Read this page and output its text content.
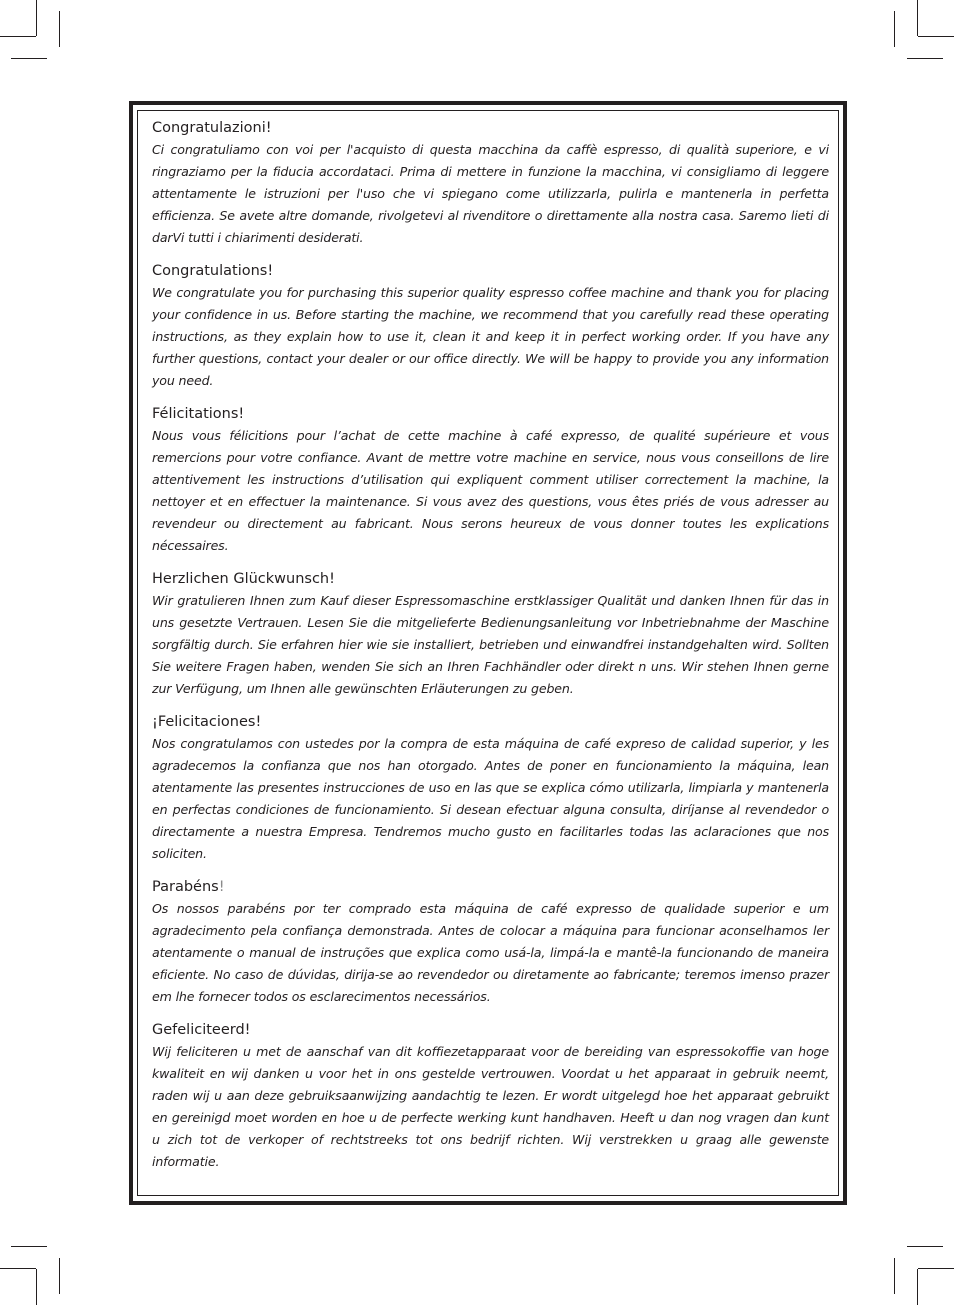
Congratulazioni!

Ci congratuliamo con voi per l'acquisto di questa macchina da caffè espresso, di qualità superiore, e vi ringraziamo per la fiducia accordataci. Prima di mettere in funzione la macchina, vi consigliamo di leggere attentamente le istruzioni per l'uso che vi spiegano come utilizzarla, pulirla e mantenerla in perfetta efficienza. Se avete altre domande, rivolgetevi al rivenditore o direttamente alla nostra casa. Saremo lieti di darVi tutti i chiarimenti desiderati.

Congratulations!

We congratulate you for purchasing this superior quality espresso coffee machine and thank you for placing your confidence in us. Before starting the machine, we recommend that you carefully read these operating instructions, as they explain how to use it, clean it and keep it in perfect working order. If you have any further questions, contact your dealer or our office directly. We will be happy to provide you any information you need.

Félicitations!

Nous vous félicitions pour l’achat de cette machine à café expresso, de qualité supérieure et vous remercions pour votre confiance. Avant de mettre votre machine en service, nous vous conseillons de lire attentivement les instructions d’utilisation qui expliquent comment utiliser correctement la machine, la nettoyer et en effectuer la maintenance. Si vous avez des questions, vous êtes priés de vous adresser au revendeur ou directement au fabricant. Nous serons heureux de vous donner toutes les explications nécessaires.

Herzlichen Glückwunsch!

Wir gratulieren Ihnen zum Kauf dieser Espressomaschine erstklassiger Qualität und danken Ihnen für das in uns gesetzte Vertrauen. Lesen Sie die mitgelieferte Bedienungsanleitung vor Inbetriebnahme der Maschine sorgfältig durch. Sie erfahren hier wie sie installiert, betrieben und einwandfrei instandgehalten wird. Sollten Sie weitere Fragen haben, wenden Sie sich an Ihren Fachhändler oder direkt n uns. Wir stehen Ihnen gerne zur Verfügung, um Ihnen alle gewünschten Erläuterungen zu geben.

¡Felicitaciones!

Nos congratulamos con ustedes por la compra de esta máquina de café expreso de calidad superior, y les agradecemos la confianza que nos han otorgado. Antes de poner en funcionamiento la máquina, lean atentamente las presentes instrucciones de uso en las que se explica cómo utilizarla, limpiarla y mantenerla en perfectas condiciones de funcionamiento. Si desean efectuar alguna consulta, diríjanse al revendedor o directamente a nuestra Empresa. Tendremos mucho gusto en facilitarles todas las aclaraciones que nos soliciten.

Parabéns!

Os nossos parabéns por ter comprado esta máquina de café expresso de qualidade superior e um agradecimento pela confiança demonstrada. Antes de colocar a máquina para funcionar aconselhamos ler atentamente o manual de instruções que explica como usá-la, limpá-la e mantê-la funcionando de maneira eficiente. No caso de dúvidas, dirija-se ao revendedor ou diretamente ao fabricante; teremos imenso prazer em lhe fornecer todos os esclarecimentos necessários.

Gefeliciteerd!

Wij feliciteren u met de aanschaf van dit koffiezetapparaat voor de bereiding van espressokoffie van hoge kwaliteit en wij danken u voor het in ons gestelde vertrouwen. Voordat u het apparaat in gebruik neemt, raden wij u aan deze gebruiksaanwijzing aandachtig te lezen. Er wordt uitgelegd hoe het apparaat gebruikt en gereinigd moet worden en hoe u de perfecte werking kunt handhaven. Heeft u dan nog vragen dan kunt u zich tot de verkoper of rechtstreeks tot ons bedrijf richten. Wij verstrekken u graag alle gewenste informatie.
